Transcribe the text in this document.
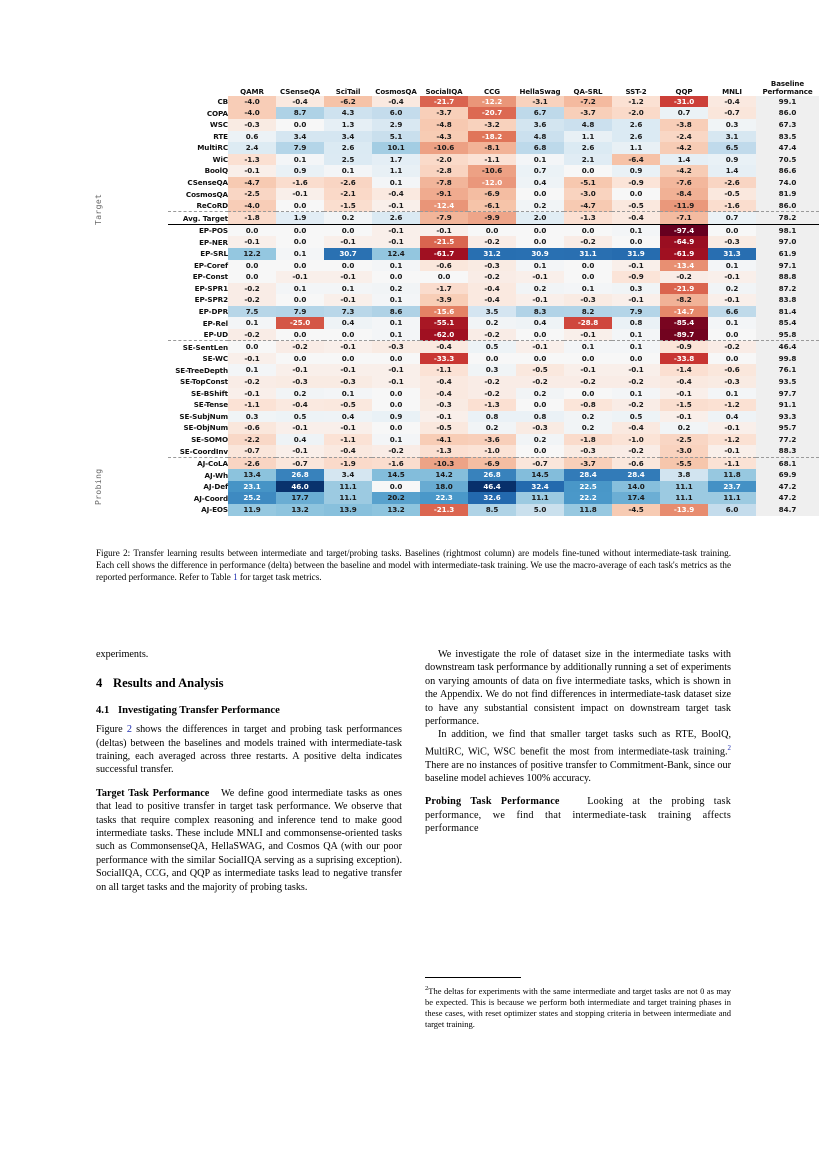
Target
Probing
	QAMR	CSenseQA	SciTail	CosmosQA	SocialIQA	CCG	HellaSwag	QA-SRL	SST-2	QQP	MNLI	Baseline
Performance
CB	-4.0	-0.4	-6.2	-0.4	-21.7	-12.2	-3.1	-7.2	-1.2	-31.0	-0.4	99.1
COPA	-4.0	8.7	4.3	6.0	-3.7	-20.7	6.7	-3.7	-2.0	0.7	-0.7	86.0
WSC	-0.3	0.0	1.3	2.9	-4.8	-3.2	3.6	4.8	2.6	-3.8	0.3	67.3
RTE	0.6	3.4	3.4	5.1	-4.3	-18.2	4.8	1.1	2.6	-2.4	3.1	83.5
MultiRC	2.4	7.9	2.6	10.1	-10.6	-8.1	6.8	2.6	1.1	-4.2	6.5	47.4
WiC	-1.3	0.1	2.5	1.7	-2.0	-1.1	0.1	2.1	-6.4	1.4	0.9	70.5
BoolQ	-0.1	0.9	0.1	1.1	-2.8	-10.6	0.7	0.0	0.9	-4.2	1.4	86.6
CSenseQA	-4.7	-1.6	-2.6	0.1	-7.8	-12.0	0.4	-5.1	-0.9	-7.6	-2.6	74.0
CosmosQA	-2.5	-0.1	-2.1	-0.4	-9.1	-6.9	0.0	-3.0	0.0	-8.4	-0.5	81.9
ReCoRD	-4.0	0.0	-1.5	-0.1	-12.4	-6.1	0.2	-4.7	-0.5	-11.9	-1.6	86.0
Avg. Target	-1.8	1.9	0.2	2.6	-7.9	-9.9	2.0	-1.3	-0.4	-7.1	0.7	78.2
EP-POS	0.0	0.0	0.0	-0.1	-0.1	0.0	0.0	0.0	0.1	-97.4	0.0	98.1
EP-NER	-0.1	0.0	-0.1	-0.1	-21.5	-0.2	0.0	-0.2	0.0	-64.9	-0.3	97.0
EP-SRL	12.2	0.1	30.7	12.4	-61.7	31.2	30.9	31.1	31.9	-61.9	31.3	61.9
EP-Coref	0.0	0.0	0.0	0.1	-0.6	-0.3	0.1	0.0	-0.1	-13.4	0.1	97.1
EP-Const	0.0	-0.1	-0.1	0.0	0.0	-0.2	-0.1	0.0	-0.9	-0.2	-0.1	88.8
EP-SPR1	-0.2	0.1	0.1	0.2	-1.7	-0.4	0.2	0.1	0.3	-21.9	0.2	87.2
EP-SPR2	-0.2	0.0	-0.1	0.1	-3.9	-0.4	-0.1	-0.3	-0.1	-8.2	-0.1	83.8
EP-DPR	7.5	7.9	7.3	8.6	-15.6	3.5	8.3	8.2	7.9	-14.7	6.6	81.4
EP-Rel	0.1	-25.0	0.4	0.1	-55.1	0.2	0.4	-28.8	0.8	-85.4	0.1	85.4
EP-UD	-0.2	0.0	0.0	0.1	-62.0	-0.2	0.0	-0.1	0.1	-89.7	0.0	95.8
SE-SentLen	0.0	-0.2	-0.1	-0.3	-0.4	0.5	-0.1	0.1	0.1	-0.9	-0.2	46.4
SE-WC	-0.1	0.0	0.0	0.0	-33.3	0.0	0.0	0.0	0.0	-33.8	0.0	99.8
SE-TreeDepth	0.1	-0.1	-0.1	-0.1	-1.1	0.3	-0.5	-0.1	-0.1	-1.4	-0.6	76.1
SE-TopConst	-0.2	-0.3	-0.3	-0.1	-0.4	-0.2	-0.2	-0.2	-0.2	-0.4	-0.3	93.5
SE-BShift	-0.1	0.2	0.1	0.0	-0.4	-0.2	0.2	0.0	0.1	-0.1	0.1	97.7
SE-Tense	-1.1	-0.4	-0.5	0.0	-0.3	-1.3	0.0	-0.8	-0.2	-1.5	-1.2	91.1
SE-SubjNum	0.3	0.5	0.4	0.9	-0.1	0.8	0.8	0.2	0.5	-0.1	0.4	93.3
SE-ObjNum	-0.6	-0.1	-0.1	0.0	-0.5	0.2	-0.3	0.2	-0.4	0.2	-0.1	95.7
SE-SOMO	-2.2	0.4	-1.1	0.1	-4.1	-3.6	0.2	-1.8	-1.0	-2.5	-1.2	77.2
SE-CoordInv	-0.7	-0.1	-0.4	-0.2	-1.3	-1.0	0.0	-0.3	-0.2	-3.0	-0.1	88.3
AJ-CoLA	-2.6	-0.7	-1.9	-1.6	-10.3	-6.9	-0.7	-3.7	-0.6	-5.5	-1.1	68.1
AJ-Wh	13.4	26.8	3.4	14.5	14.2	26.8	14.5	28.4	28.4	3.8	11.8	69.9
AJ-Def	23.1	46.0	11.1	0.0	18.0	46.4	32.4	22.5	14.0	11.1	23.7	47.2
AJ-Coord	25.2	17.7	11.1	20.2	22.3	32.6	11.1	22.2	17.4	11.1	11.1	47.2
AJ-EOS	11.9	13.2	13.9	13.2	-21.3	8.5	5.0	11.8	-4.5	-13.9	6.0	84.7
Figure 2: Transfer learning results between intermediate and target/probing tasks. Baselines (rightmost column) are models fine-tuned without intermediate-task training. Each cell shows the difference in performance (delta) between the baseline and model with intermediate-task training. We use the macro-average of each task's metrics as the reported performance. Refer to Table 1 for target task metrics.

experiments.

4 Results and Analysis
4.1 Investigating Transfer Performance

Figure 2 shows the differences in target and probing task performances (deltas) between the baselines and models trained with intermediate-task training, each averaged across three restarts. A positive delta indicates successful transfer.

Target Task Performance We define good intermediate tasks as ones that lead to positive transfer in target task performance. We observe that tasks that require complex reasoning and inference tend to make good intermediate tasks. These include MNLI and commonsense-oriented tasks such as CommonsenseQA, HellaSWAG, and Cosmos QA (with our poor performance with the similar SocialIQA serving as a suprising exception). SocialIQA, CCG, and QQP as intermediate tasks lead to negative transfer on all target tasks and the majority of probing tasks.

We investigate the role of dataset size in the intermediate tasks with downstream task performance by additionally running a set of experiments on varying amounts of data on five intermediate tasks, which is shown in the Appendix. We do not find differences in intermediate-task dataset size to have any substantial consistent impact on downstream target task performance.

In addition, we find that smaller target tasks such as RTE, BoolQ, MultiRC, WiC, WSC benefit the most from intermediate-task training.$^2$ There are no instances of positive transfer to Commitment-Bank, since our baseline model achieves 100% accuracy.

Probing Task Performance	Looking at the probing task performance, we find that intermediate-task training affects performance

$^2$The deltas for experiments with the same intermediate and target tasks are not 0 as may be expected. This is because we perform both intermediate and target training phases in these cases, with reset optimizer states and stopping criteria in between intermediate and target training.
